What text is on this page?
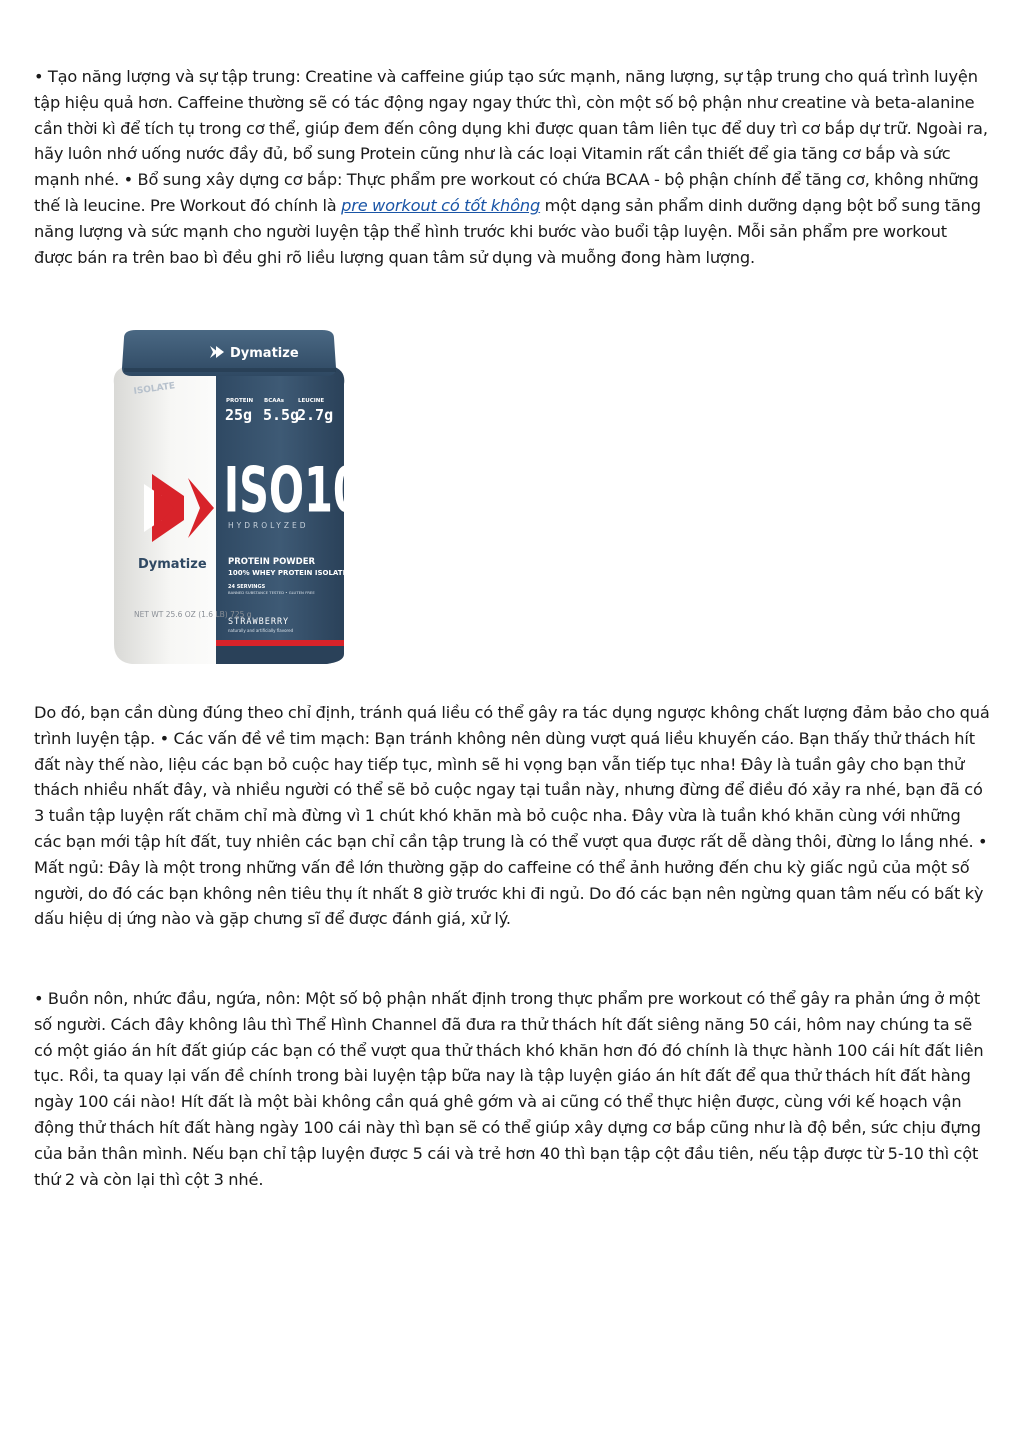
• Tạo năng lượng và sự tập trung: Creatine và caffeine giúp tạo sức mạnh, năng lượng, sự tập trung cho quá trình luyện tập hiệu quả hơn. Caffeine thường sẽ có tác động ngay ngay thức thì, còn một số bộ phận như creatine và beta-alanine cần thời kì để tích tụ trong cơ thể, giúp đem đến công dụng khi được quan tâm liên tục để duy trì cơ bắp dự trữ. Ngoài ra, hãy luôn nhớ uống nước đầy đủ, bổ sung Protein cũng như là các loại Vitamin rất cần thiết để gia tăng cơ bắp và sức mạnh nhé. • Bổ sung xây dựng cơ bắp: Thực phẩm pre workout có chứa BCAA - bộ phận chính để tăng cơ, không những thế là leucine. Pre Workout đó chính là pre workout có tốt không một dạng sản phẩm dinh dưỡng dạng bột bổ sung tăng năng lượng và sức mạnh cho người luyện tập thể hình trước khi bước vào buổi tập luyện. Mỗi sản phẩm pre workout được bán ra trên bao bì đều ghi rõ liều lượng quan tâm sử dụng và muỗng đong hàm lượng.

Dymatize
ISOLATE
PROTEIN
25g
BCAAs
5.5g
LEUCINE
2.7g
Dymatize
ISO1
HYDROLYZED
PROTEIN POWDER
100% WHEY PROTEIN ISOLATE
24 SERVINGS
BANNED SUBSTANCE TESTED • GLUTEN FREE
NET WT 25.6 OZ (1.6 LB) 725 g
STRAWBERRY
naturally and artificially flavored

Do đó, bạn cần dùng đúng theo chỉ định, tránh quá liều có thể gây ra tác dụng ngược không chất lượng đảm bảo cho quá trình luyện tập. • Các vấn đề về tim mạch: Bạn tránh không nên dùng vượt quá liều khuyến cáo. Bạn thấy thử thách hít đất này thế nào, liệu các bạn bỏ cuộc hay tiếp tục, mình sẽ hi vọng bạn vẫn tiếp tục nha! Đây là tuần gây cho bạn thử thách nhiều nhất đây, và nhiều người có thể sẽ bỏ cuộc ngay tại tuần này, nhưng đừng để điều đó xảy ra nhé, bạn đã có 3 tuần tập luyện rất chăm chỉ mà đừng vì 1 chút khó khăn mà bỏ cuộc nha. Đây vừa là tuần khó khăn cùng với những các bạn mới tập hít đất, tuy nhiên các bạn chỉ cần tập trung là có thể vượt qua được rất dễ dàng thôi, đừng lo lắng nhé. • Mất ngủ: Đây là một trong những vấn đề lớn thường gặp do caffeine có thể ảnh hưởng đến chu kỳ giấc ngủ của một số người, do đó các bạn không nên tiêu thụ ít nhất 8 giờ trước khi đi ngủ. Do đó các bạn nên ngừng quan tâm nếu có bất kỳ dấu hiệu dị ứng nào và gặp chưng sĩ để được đánh giá, xử lý.

• Buồn nôn, nhức đầu, ngứa, nôn: Một số bộ phận nhất định trong thực phẩm pre workout có thể gây ra phản ứng ở một số người. Cách đây không lâu thì Thể Hình Channel đã đưa ra thử thách hít đất siêng năng 50 cái, hôm nay chúng ta sẽ có một giáo án hít đất giúp các bạn có thể vượt qua thử thách khó khăn hơn đó đó chính là thực hành 100 cái hít đất liên tục. Rồi, ta quay lại vấn đề chính trong bài luyện tập bữa nay là tập luyện giáo án hít đất để qua thử thách hít đất hàng ngày 100 cái nào! Hít đất là một bài không cần quá ghê gớm và ai cũng có thể thực hiện được, cùng với kế hoạch vận động thử thách hít đất hàng ngày 100 cái này thì bạn sẽ có thể giúp xây dựng cơ bắp cũng như là độ bền, sức chịu đựng của bản thân mình. Nếu bạn chỉ tập luyện được 5 cái và trẻ hơn 40 thì bạn tập cột đầu tiên, nếu tập được từ 5-10 thì cột thứ 2 và còn lại thì cột 3 nhé.
